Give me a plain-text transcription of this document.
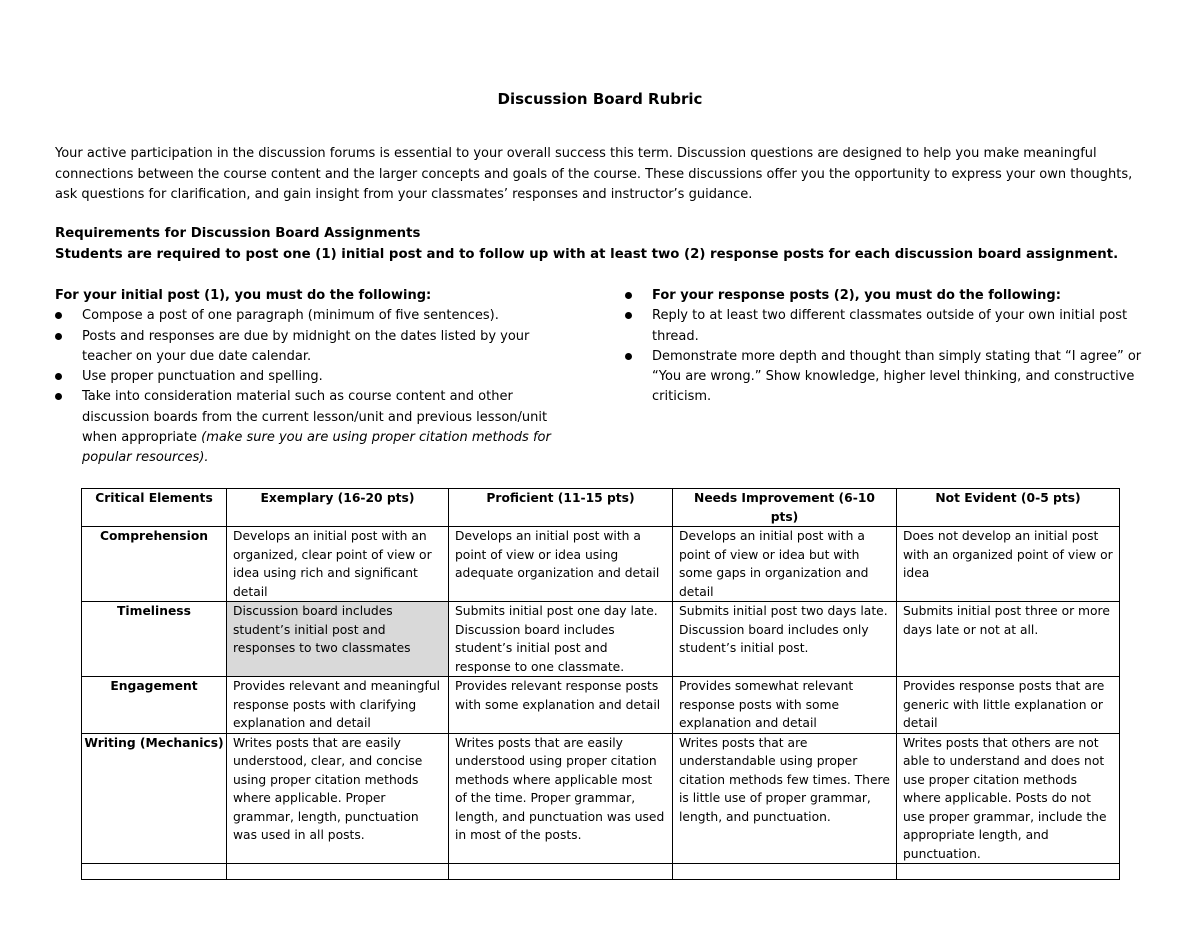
Discussion Board Rubric
Your active participation in the discussion forums is essential to your overall success this term. Discussion questions are designed to help you make meaningful connections between the course content and the larger concepts and goals of the course. These discussions offer you the opportunity to express your own thoughts, ask questions for clarification, and gain insight from your classmates’ responses and instructor’s guidance.
Requirements for Discussion Board Assignments
Students are required to post one (1) initial post and to follow up with at least two (2) response posts for each discussion board assignment.
For your initial post (1), you must do the following:
Compose a post of one paragraph (minimum of five sentences).
Posts and responses are due by midnight on the dates listed by your teacher on your due date calendar.
Use proper punctuation and spelling.
Take into consideration material such as course content and other discussion boards from the current lesson/unit and previous lesson/unit when appropriate (make sure you are using proper citation methods for popular resources).
For your response posts (2), you must do the following:
Reply to at least two different classmates outside of your own initial post thread.
Demonstrate more depth and thought than simply stating that “I agree” or “You are wrong.” Show knowledge, higher level thinking, and constructive criticism.
Critical Elements	Exemplary (16-20 pts)	Proficient (11-15 pts)	Needs Improvement (6-10 pts)	Not Evident (0-5 pts)
Comprehension	Develops an initial post with an organized, clear point of view or idea using rich and significant detail	Develops an initial post with a point of view or idea using adequate organization and detail	Develops an initial post with a point of view or idea but with some gaps in organization and detail	Does not develop an initial post with an organized point of view or idea
Timeliness	Discussion board includes student’s initial post and responses to two classmates	Submits initial post one day late. Discussion board includes student’s initial post and response to one classmate.	Submits initial post two days late. Discussion board includes only student’s initial post.	Submits initial post three or more days late or not at all.
Engagement	Provides relevant and meaningful response posts with clarifying explanation and detail	Provides relevant response posts with some explanation and detail	Provides somewhat relevant response posts with some explanation and detail	Provides response posts that are generic with little explanation or detail
Writing (Mechanics)	Writes posts that are easily understood, clear, and concise using proper citation methods where applicable. Proper grammar, length, punctuation was used in all posts.	Writes posts that are easily understood using proper citation methods where applicable most of the time. Proper grammar, length, and punctuation was used in most of the posts.	Writes posts that are understandable using proper citation methods few times. There is little use of proper grammar, length, and punctuation.	Writes posts that others are not able to understand and does not use proper citation methods where applicable. Posts do not use proper grammar, include the appropriate length, and punctuation.
